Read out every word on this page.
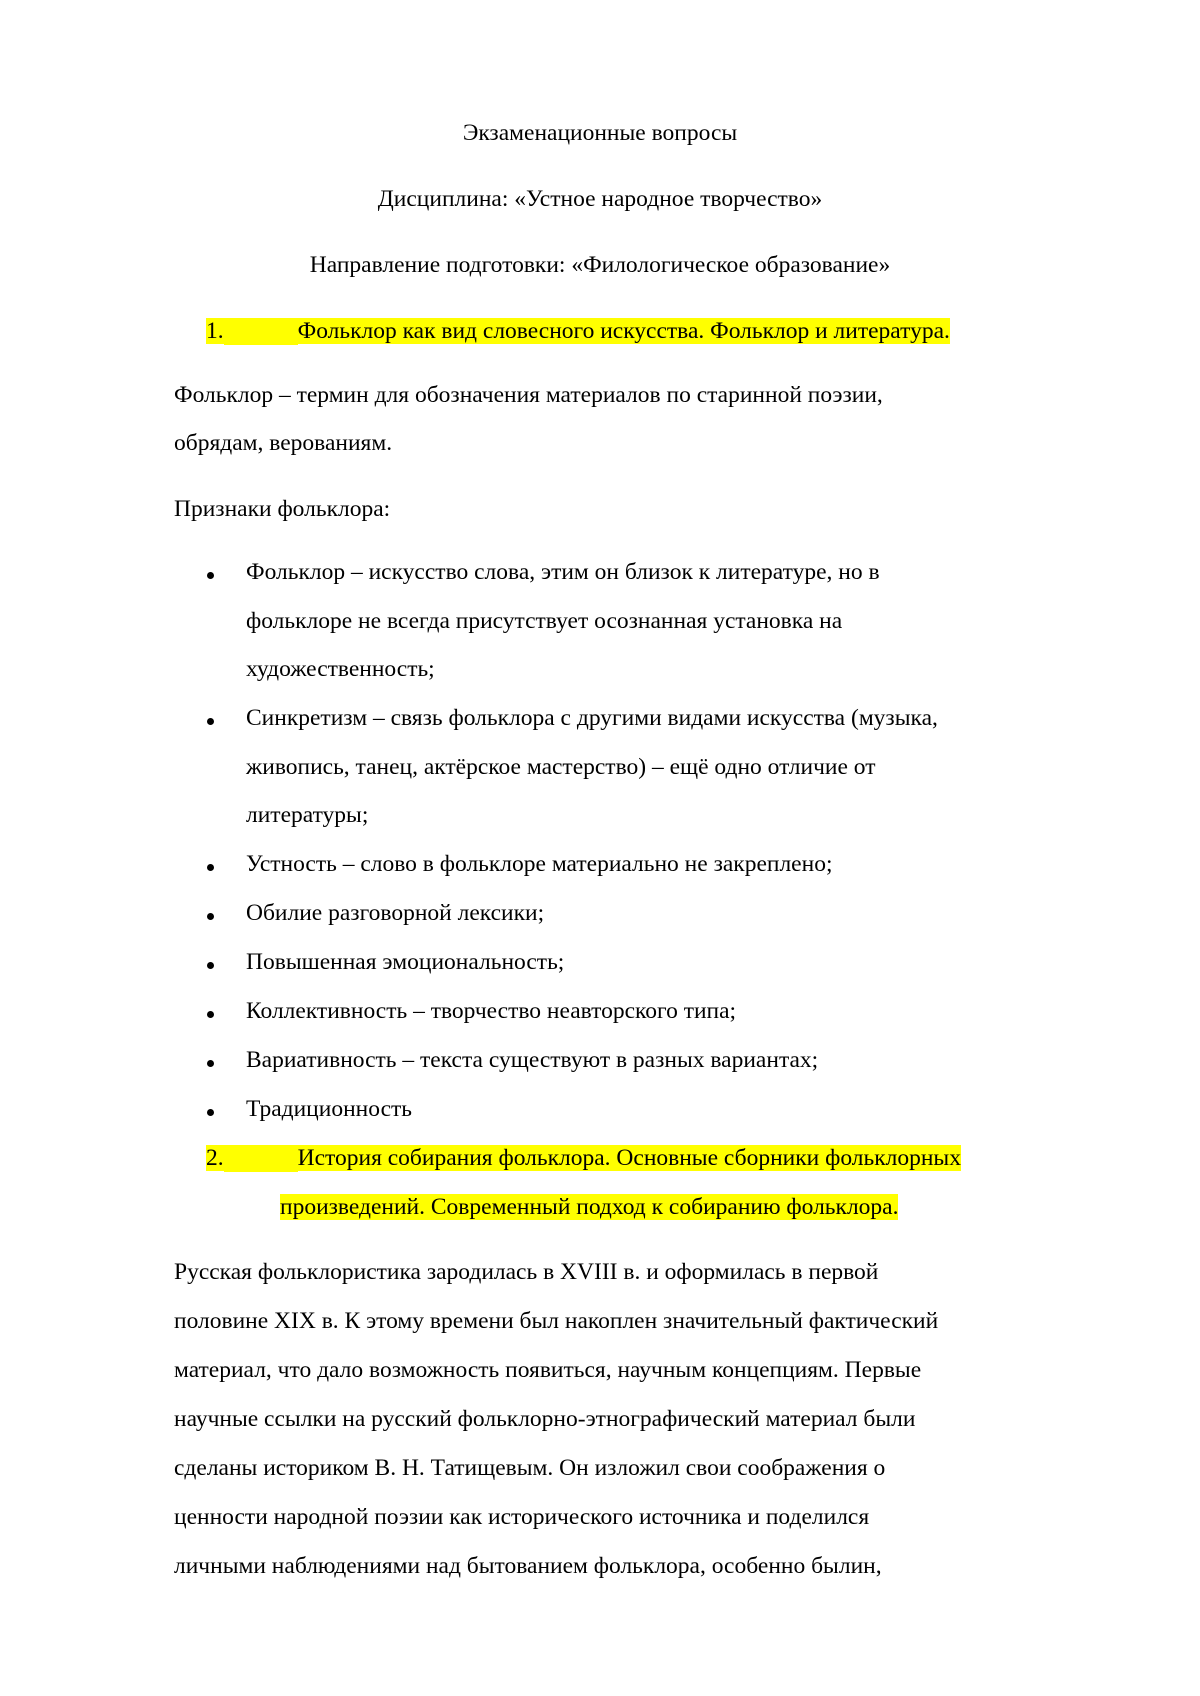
Экзаменационные вопросы
Дисциплина: «Устное народное творчество»
Направление подготовки: «Филологическое образование»
1.	Фольклор как вид словесного искусства. Фольклор и литература.
Фольклор – термин для обозначения материалов по старинной поэзии,
обрядам, верованиям.
Признаки фольклора:
Фольклор – искусство слова, этим он близок к литературе, но в
фольклоре не всегда присутствует осознанная установка на
художественность;
Синкретизм – связь фольклора с другими видами искусства (музыка,
живопись, танец, актёрское мастерство) – ещё одно отличие от
литературы;
Устность – слово в фольклоре материально не закреплено;
Обилие разговорной лексики;
Повышенная эмоциональность;
Коллективность – творчество неавторского типа;
Вариативность – текста существуют в разных вариантах;
Традиционность
2.	История собирания фольклора. Основные сборники фольклорных
произведений. Современный подход к собиранию фольклора.
Русская фольклористика зародилась в XVIII в. и оформилась в первой
половине XIX в. К этому времени был накоплен значительный фактический
материал, что дало возможность появиться, научным концепциям. Первые
научные ссылки на русский фольклорно-этнографический материал были
сделаны историком В. Н. Татищевым. Он изложил свои соображения о
ценности народной поэзии как исторического источника и поделился
личными наблюдениями над бытованием фольклора, особенно былин,
